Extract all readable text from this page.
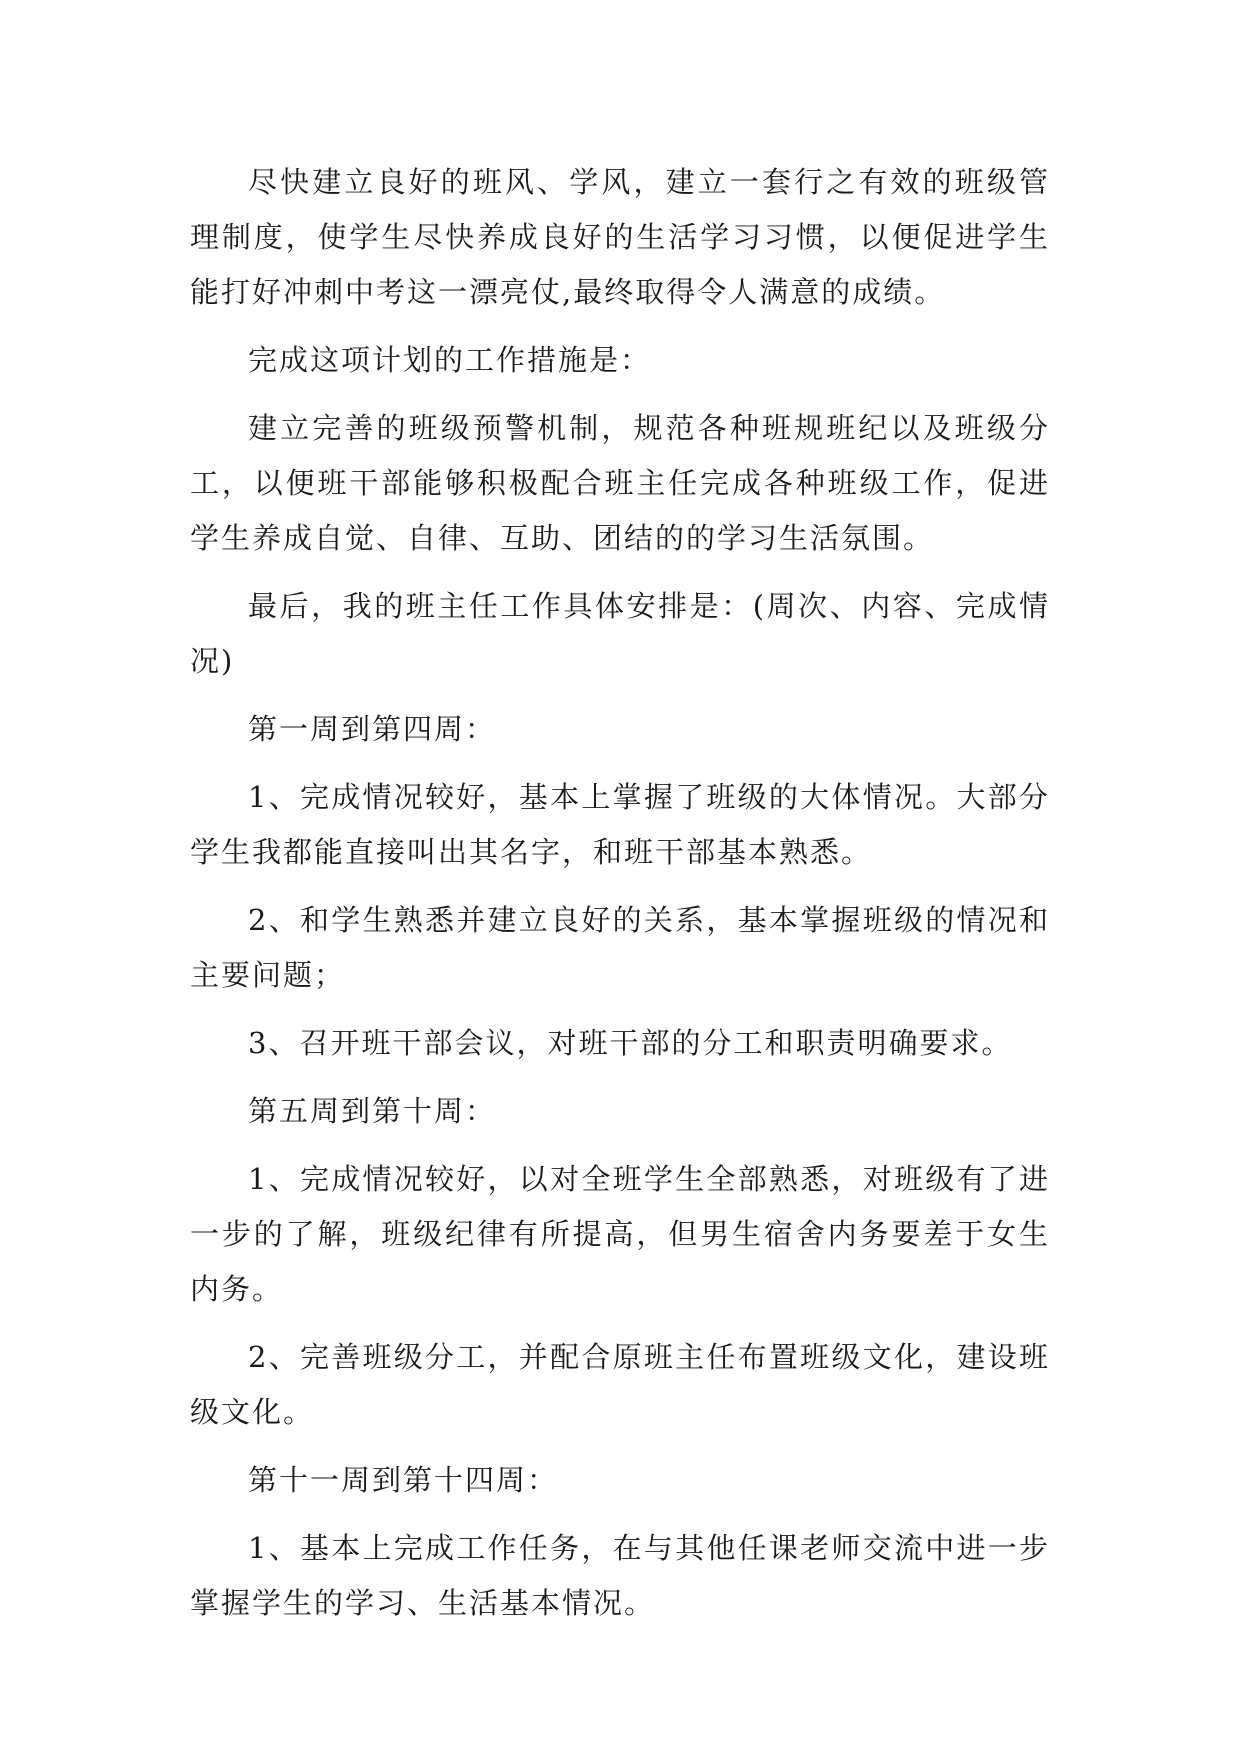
尽快建立良好的班风、学风，建立一套行之有效的班级管理制度，使学生尽快养成良好的生活学习习惯，以便促进学生能打好冲刺中考这一漂亮仗,最终取得令人满意的成绩。

完成这项计划的工作措施是：

建立完善的班级预警机制，规范各种班规班纪以及班级分工，以便班干部能够积极配合班主任完成各种班级工作，促进学生养成自觉、自律、互助、团结的的学习生活氛围。

最后，我的班主任工作具体安排是：(周次、内容、完成情况)

第一周到第四周：

1、完成情况较好，基本上掌握了班级的大体情况。大部分学生我都能直接叫出其名字，和班干部基本熟悉。

2、和学生熟悉并建立良好的关系，基本掌握班级的情况和主要问题；

3、召开班干部会议，对班干部的分工和职责明确要求。

第五周到第十周：

1、完成情况较好，以对全班学生全部熟悉，对班级有了进一步的了解，班级纪律有所提高，但男生宿舍内务要差于女生内务。

2、完善班级分工，并配合原班主任布置班级文化，建设班级文化。

第十一周到第十四周：

1、基本上完成工作任务，在与其他任课老师交流中进一步掌握学生的学习、生活基本情况。
